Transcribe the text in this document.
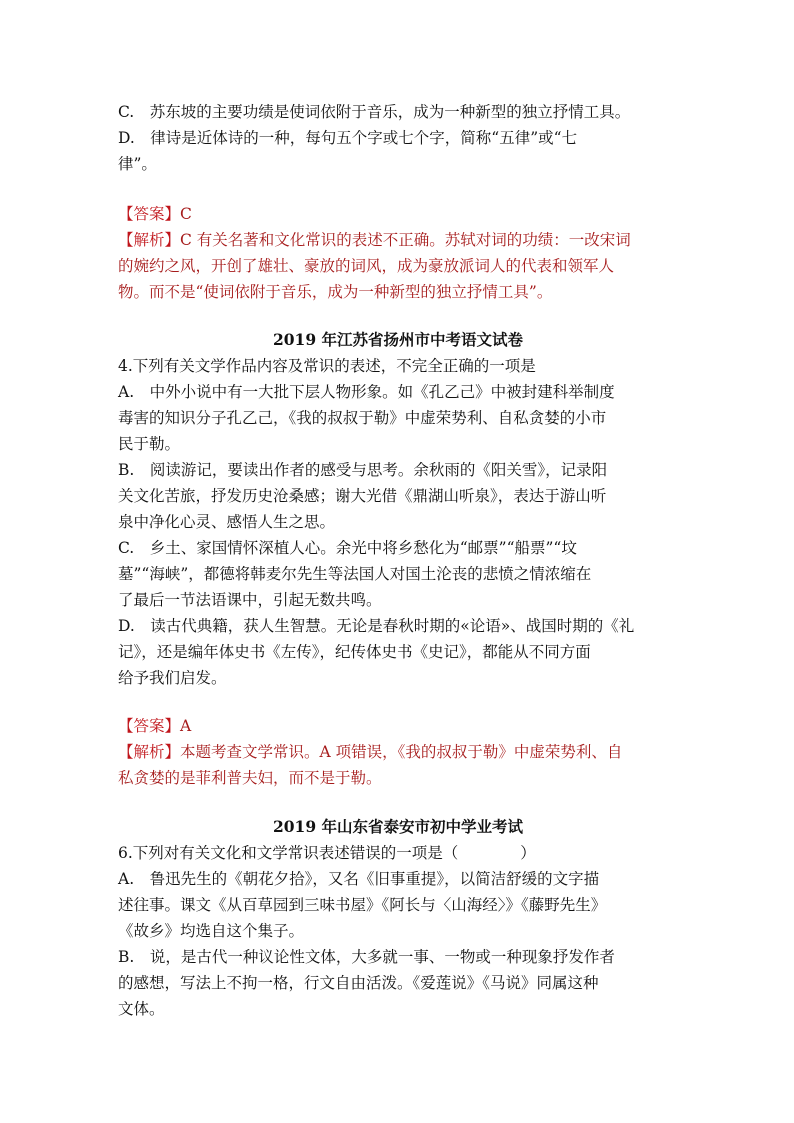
C.　苏东坡的主要功绩是使词依附于音乐，成为一种新型的独立抒情工具。
D.　律诗是近体诗的一种，每句五个字或七个字，简称“五律”或“七
律”。
【答案】C
【解析】C 有关名著和文化常识的表述不正确。苏轼对词的功绩：一改宋词
的婉约之风，开创了雄壮、豪放的词风，成为豪放派词人的代表和领军人
物。而不是“使词依附于音乐，成为一种新型的独立抒情工具”。
2019 年江苏省扬州市中考语文试卷
4.下列有关文学作品内容及常识的表述，不完全正确的一项是
A.　中外小说中有一大批下层人物形象。如《孔乙己》中被封建科举制度
毒害的知识分子孔乙己，《我的叔叔于勒》中虚荣势利、自私贪婪的小市
民于勒。
B.　阅读游记，要读出作者的感受与思考。余秋雨的《阳关雪》，记录阳
关文化苦旅，抒发历史沧桑感；谢大光借《鼎湖山听泉》，表达于游山听
泉中净化心灵、感悟人生之思。
C.　乡土、家国情怀深植人心。余光中将乡愁化为“邮票”“船票”“坟
墓”“海峡”，都德将韩麦尔先生等法国人对国土沦丧的悲愤之情浓缩在
了最后一节法语课中，引起无数共鸣。
D.　读古代典籍，获人生智慧。无论是春秋时期的«论语»、战国时期的《礼
记》，还是编年体史书《左传》，纪传体史书《史记》，都能从不同方面
给予我们启发。
【答案】A
【解析】本题考查文学常识。A 项错误，《我的叔叔于勒》中虚荣势利、自
私贪婪的是菲利普夫妇，而不是于勒。
2019 年山东省泰安市初中学业考试
6.下列对有关文化和文学常识表述错误的一项是（　　　　）
A.　鲁迅先生的《朝花夕拾》，又名《旧事重提》，以简洁舒缓的文字描
述往事。课文《从百草园到三味书屋》《阿长与〈山海经〉》《藤野先生》
《故乡》均选自这个集子。
B.　说，是古代一种议论性文体，大多就一事、一物或一种现象抒发作者
的感想，写法上不拘一格，行文自由活泼。《爱莲说》《马说》同属这种
文体。
